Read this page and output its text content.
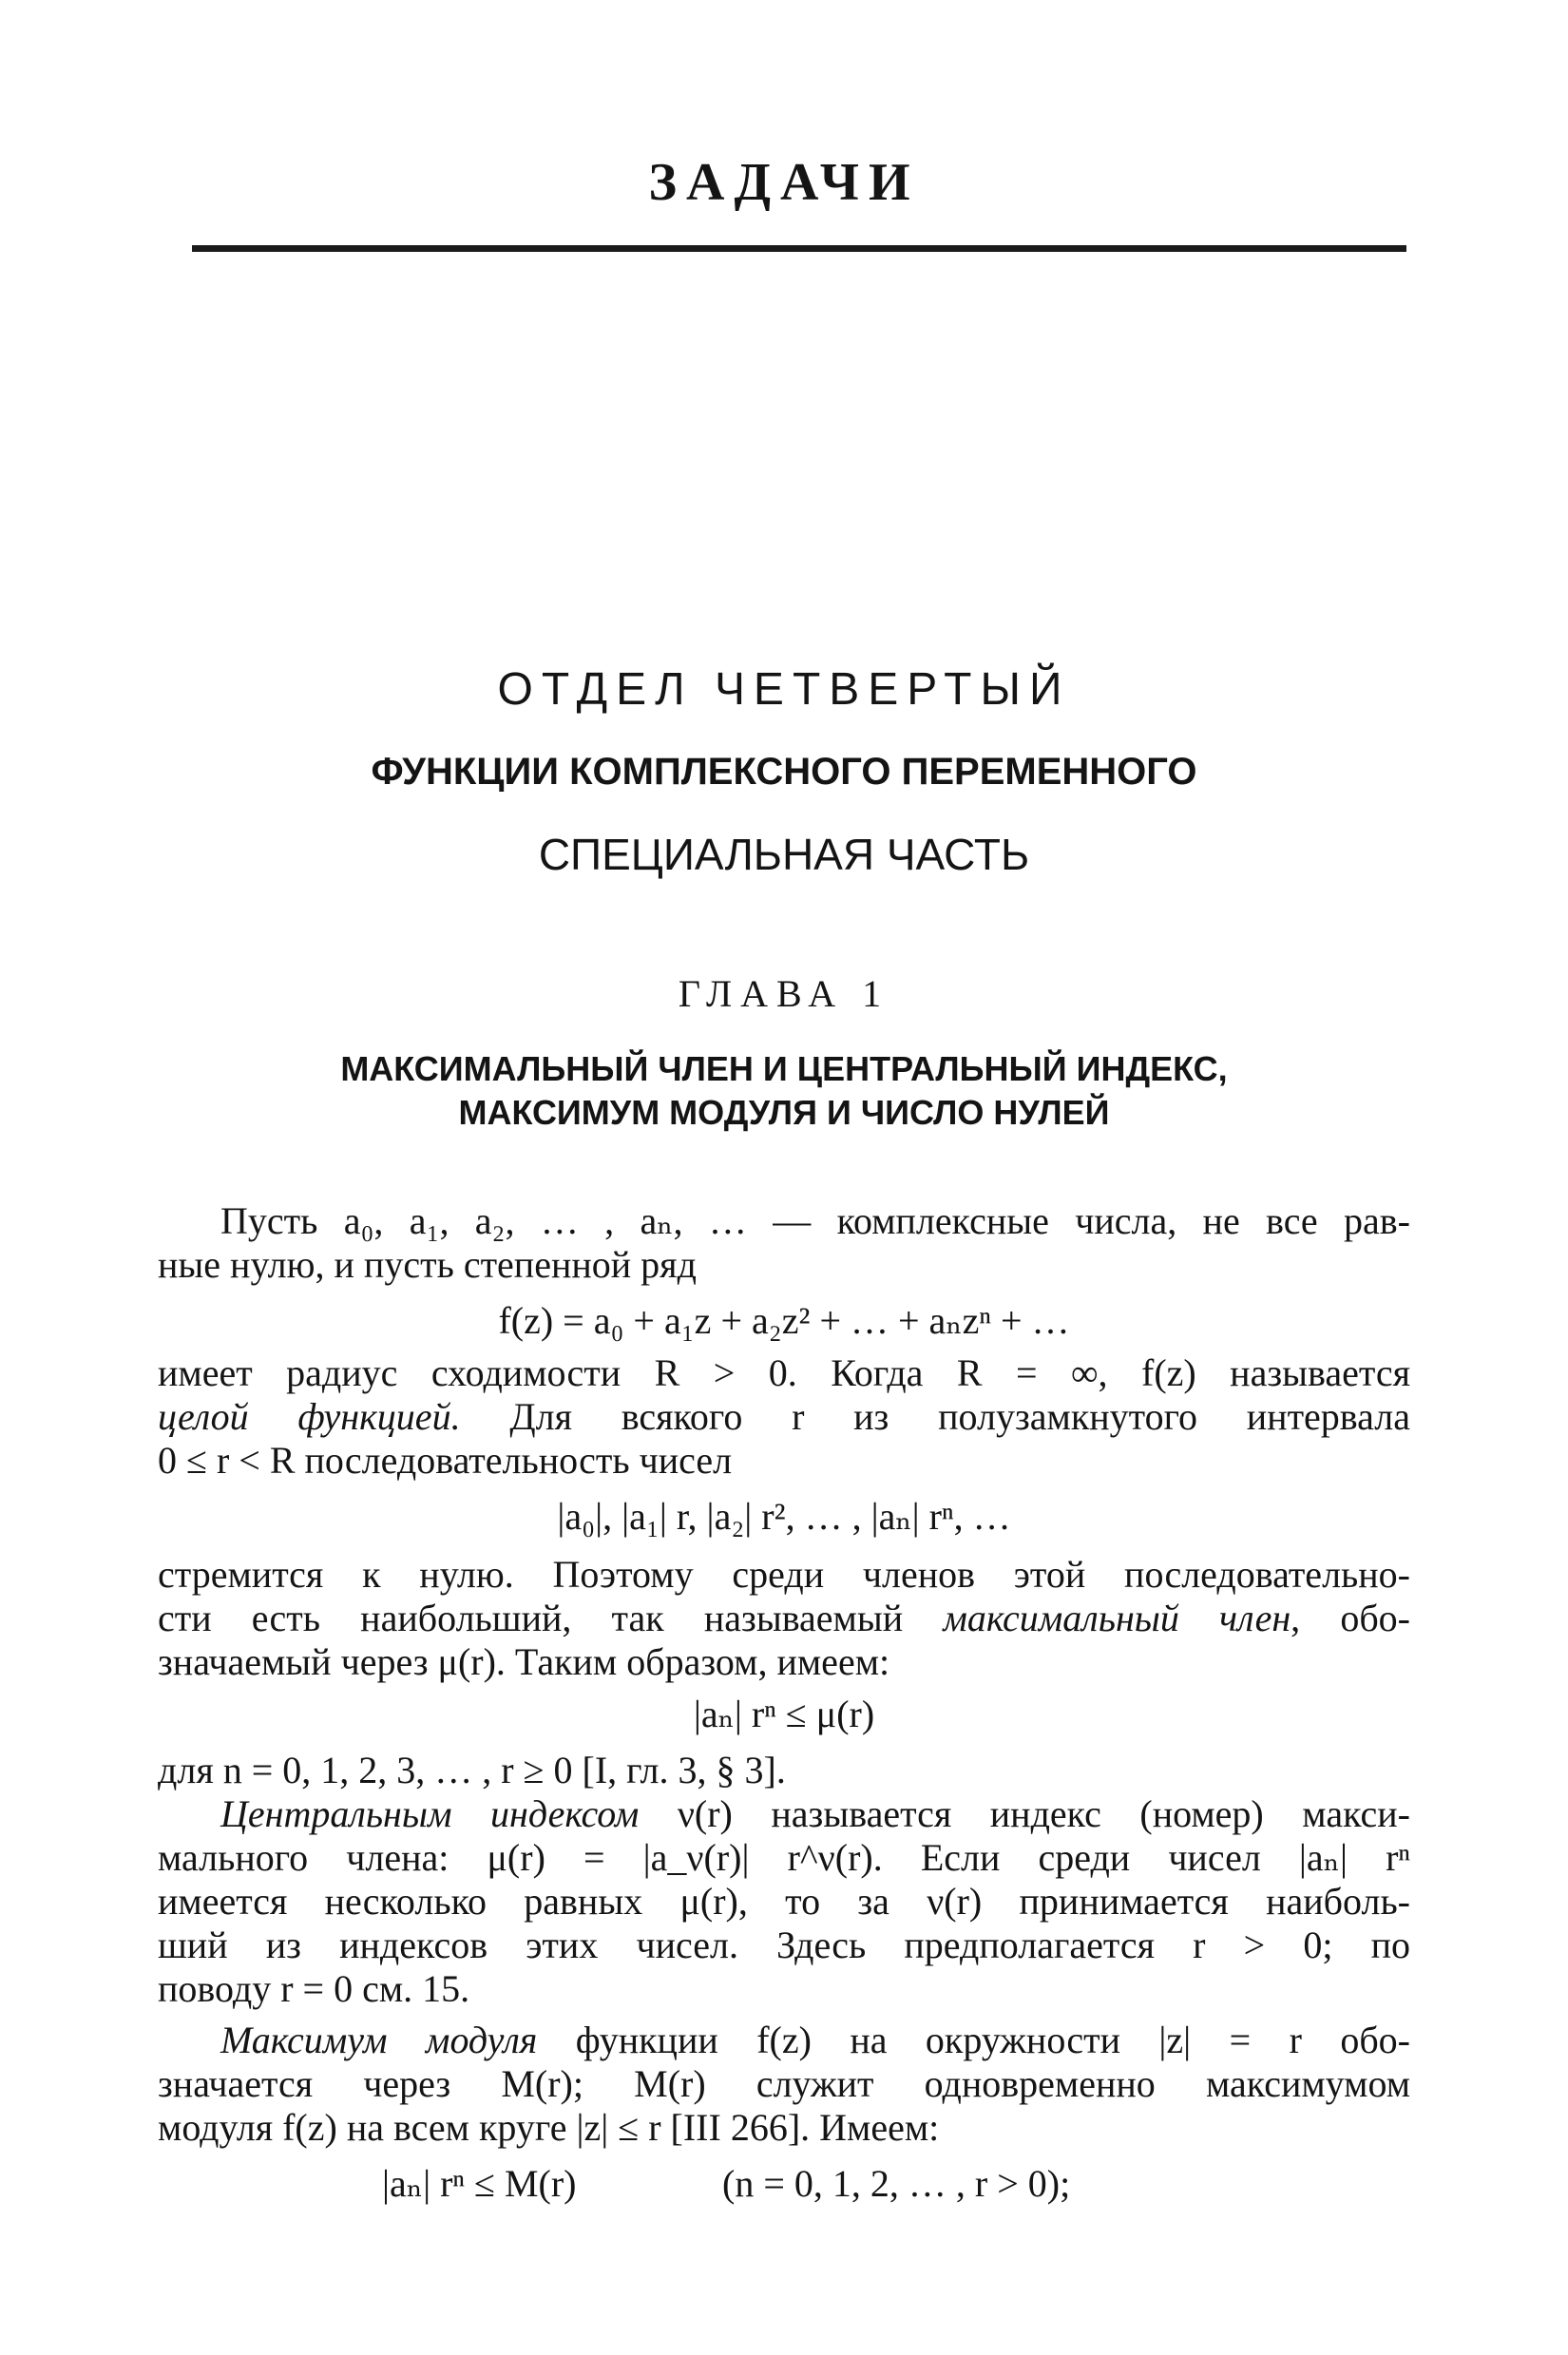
ЗАДАЧИ
ОТДЕЛ ЧЕТВЕРТЫЙ
ФУНКЦИИ КОМПЛЕКСНОГО ПЕРЕМЕННОГО
СПЕЦИАЛЬНАЯ ЧАСТЬ
ГЛАВА 1
МАКСИМАЛЬНЫЙ ЧЛЕН И ЦЕНТРАЛЬНЫЙ ИНДЕКС,
МАКСИМУМ МОДУЛЯ И ЧИСЛО НУЛЕЙ
Пусть a₀, a₁, a₂, … , aₙ, … — комплексные числа, не все рав-
ные нулю, и пусть степенной ряд
f(z) = a₀ + a₁z + a₂z² + … + aₙzⁿ + …
имеет радиус сходимости R > 0. Когда R = ∞, f(z) называется
целой функцией. Для всякого r из полузамкнутого интервала
0 ≤ r < R последовательность чисел
|a₀|, |a₁| r, |a₂| r², … , |aₙ| rⁿ, …
стремится к нулю. Поэтому среди членов этой последовательно-
сти есть наибольший, так называемый максимальный член, обо-
значаемый через μ(r). Таким образом, имеем:
|aₙ| rⁿ ≤ μ(r)
для n = 0, 1, 2, 3, … , r ≥ 0 [I, гл. 3, § 3].
Центральным индексом ν(r) называется индекс (номер) макси-
мального члена: μ(r) = |a_ν(r)| r^ν(r). Если среди чисел |aₙ| rⁿ
имеется несколько равных μ(r), то за ν(r) принимается наиболь-
ший из индексов этих чисел. Здесь предполагается r > 0; по
поводу r = 0 см. 15.
Максимум модуля функции f(z) на окружности |z| = r обо-
значается через M(r); M(r) служит одновременно максимумом
модуля f(z) на всем круге |z| ≤ r [III 266]. Имеем:
|aₙ| rⁿ ≤ M(r)	(n = 0, 1, 2, … , r > 0);
